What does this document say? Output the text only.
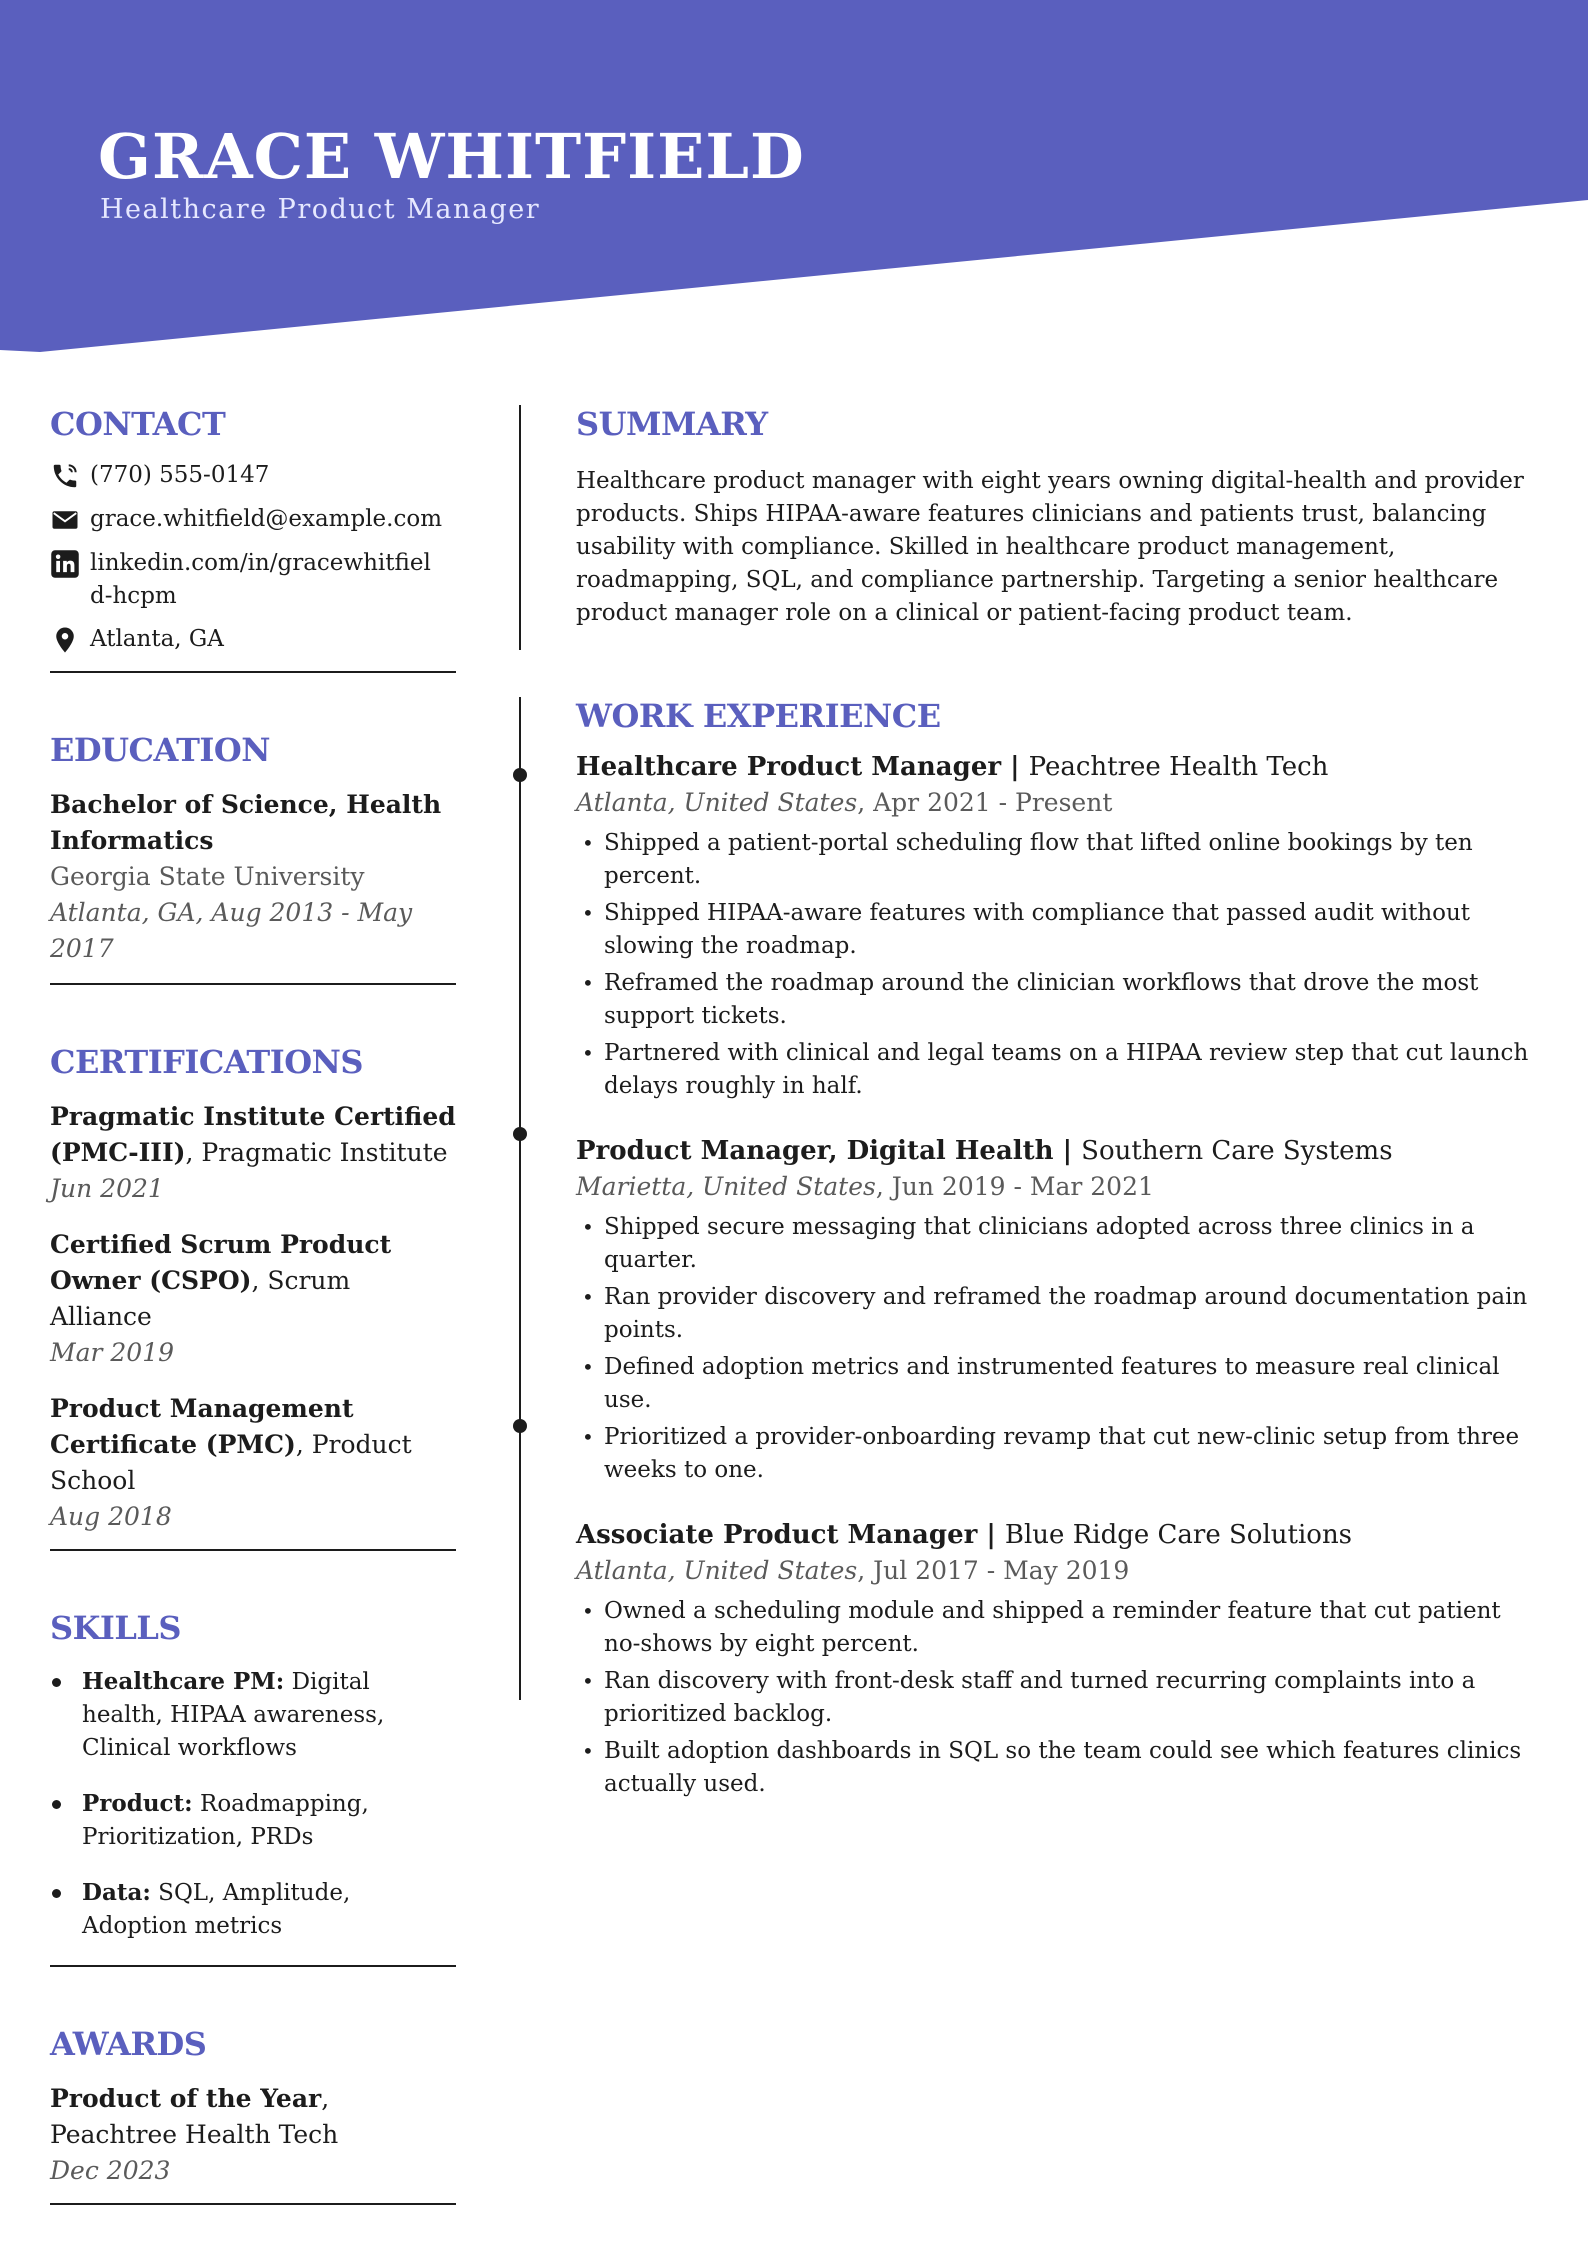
GRACE WHITFIELD
Healthcare Product Manager
CONTACT
(770) 555-0147
grace.whitfield@example.com
linkedin.com/in/gracewhitfield-hcpm
Atlanta, GA
EDUCATION
Bachelor of Science, Health Informatics
Georgia State University
Atlanta, GA, Aug 2013 - May 2017
CERTIFICATIONS
Pragmatic Institute Certified (PMC-III), Pragmatic Institute
Jun 2021
Certified Scrum Product Owner (CSPO), Scrum Alliance
Mar 2019
Product Management Certificate (PMC), Product School
Aug 2018
SKILLS
Healthcare PM: Digital health, HIPAA awareness, Clinical workflows
Product: Roadmapping, Prioritization, PRDs
Data: SQL, Amplitude, Adoption metrics
AWARDS
Product of the Year, Peachtree Health Tech
Dec 2023
SUMMARY
Healthcare product manager with eight years owning digital-health and provider products. Ships HIPAA-aware features clinicians and patients trust, balancing usability with compliance. Skilled in healthcare product management, roadmapping, SQL, and compliance partnership. Targeting a senior healthcare product manager role on a clinical or patient-facing product team.
WORK EXPERIENCE
Healthcare Product Manager | Peachtree Health Tech
Atlanta, United States, Apr 2021 - Present
• Shipped a patient-portal scheduling flow that lifted online bookings by ten percent.
• Shipped HIPAA-aware features with compliance that passed audit without slowing the roadmap.
• Reframed the roadmap around the clinician workflows that drove the most support tickets.
• Partnered with clinical and legal teams on a HIPAA review step that cut launch delays roughly in half.
Product Manager, Digital Health | Southern Care Systems
Marietta, United States, Jun 2019 - Mar 2021
• Shipped secure messaging that clinicians adopted across three clinics in a quarter.
• Ran provider discovery and reframed the roadmap around documentation pain points.
• Defined adoption metrics and instrumented features to measure real clinical use.
• Prioritized a provider-onboarding revamp that cut new-clinic setup from three weeks to one.
Associate Product Manager | Blue Ridge Care Solutions
Atlanta, United States, Jul 2017 - May 2019
• Owned a scheduling module and shipped a reminder feature that cut patient no-shows by eight percent.
• Ran discovery with front-desk staff and turned recurring complaints into a prioritized backlog.
• Built adoption dashboards in SQL so the team could see which features clinics actually used.
